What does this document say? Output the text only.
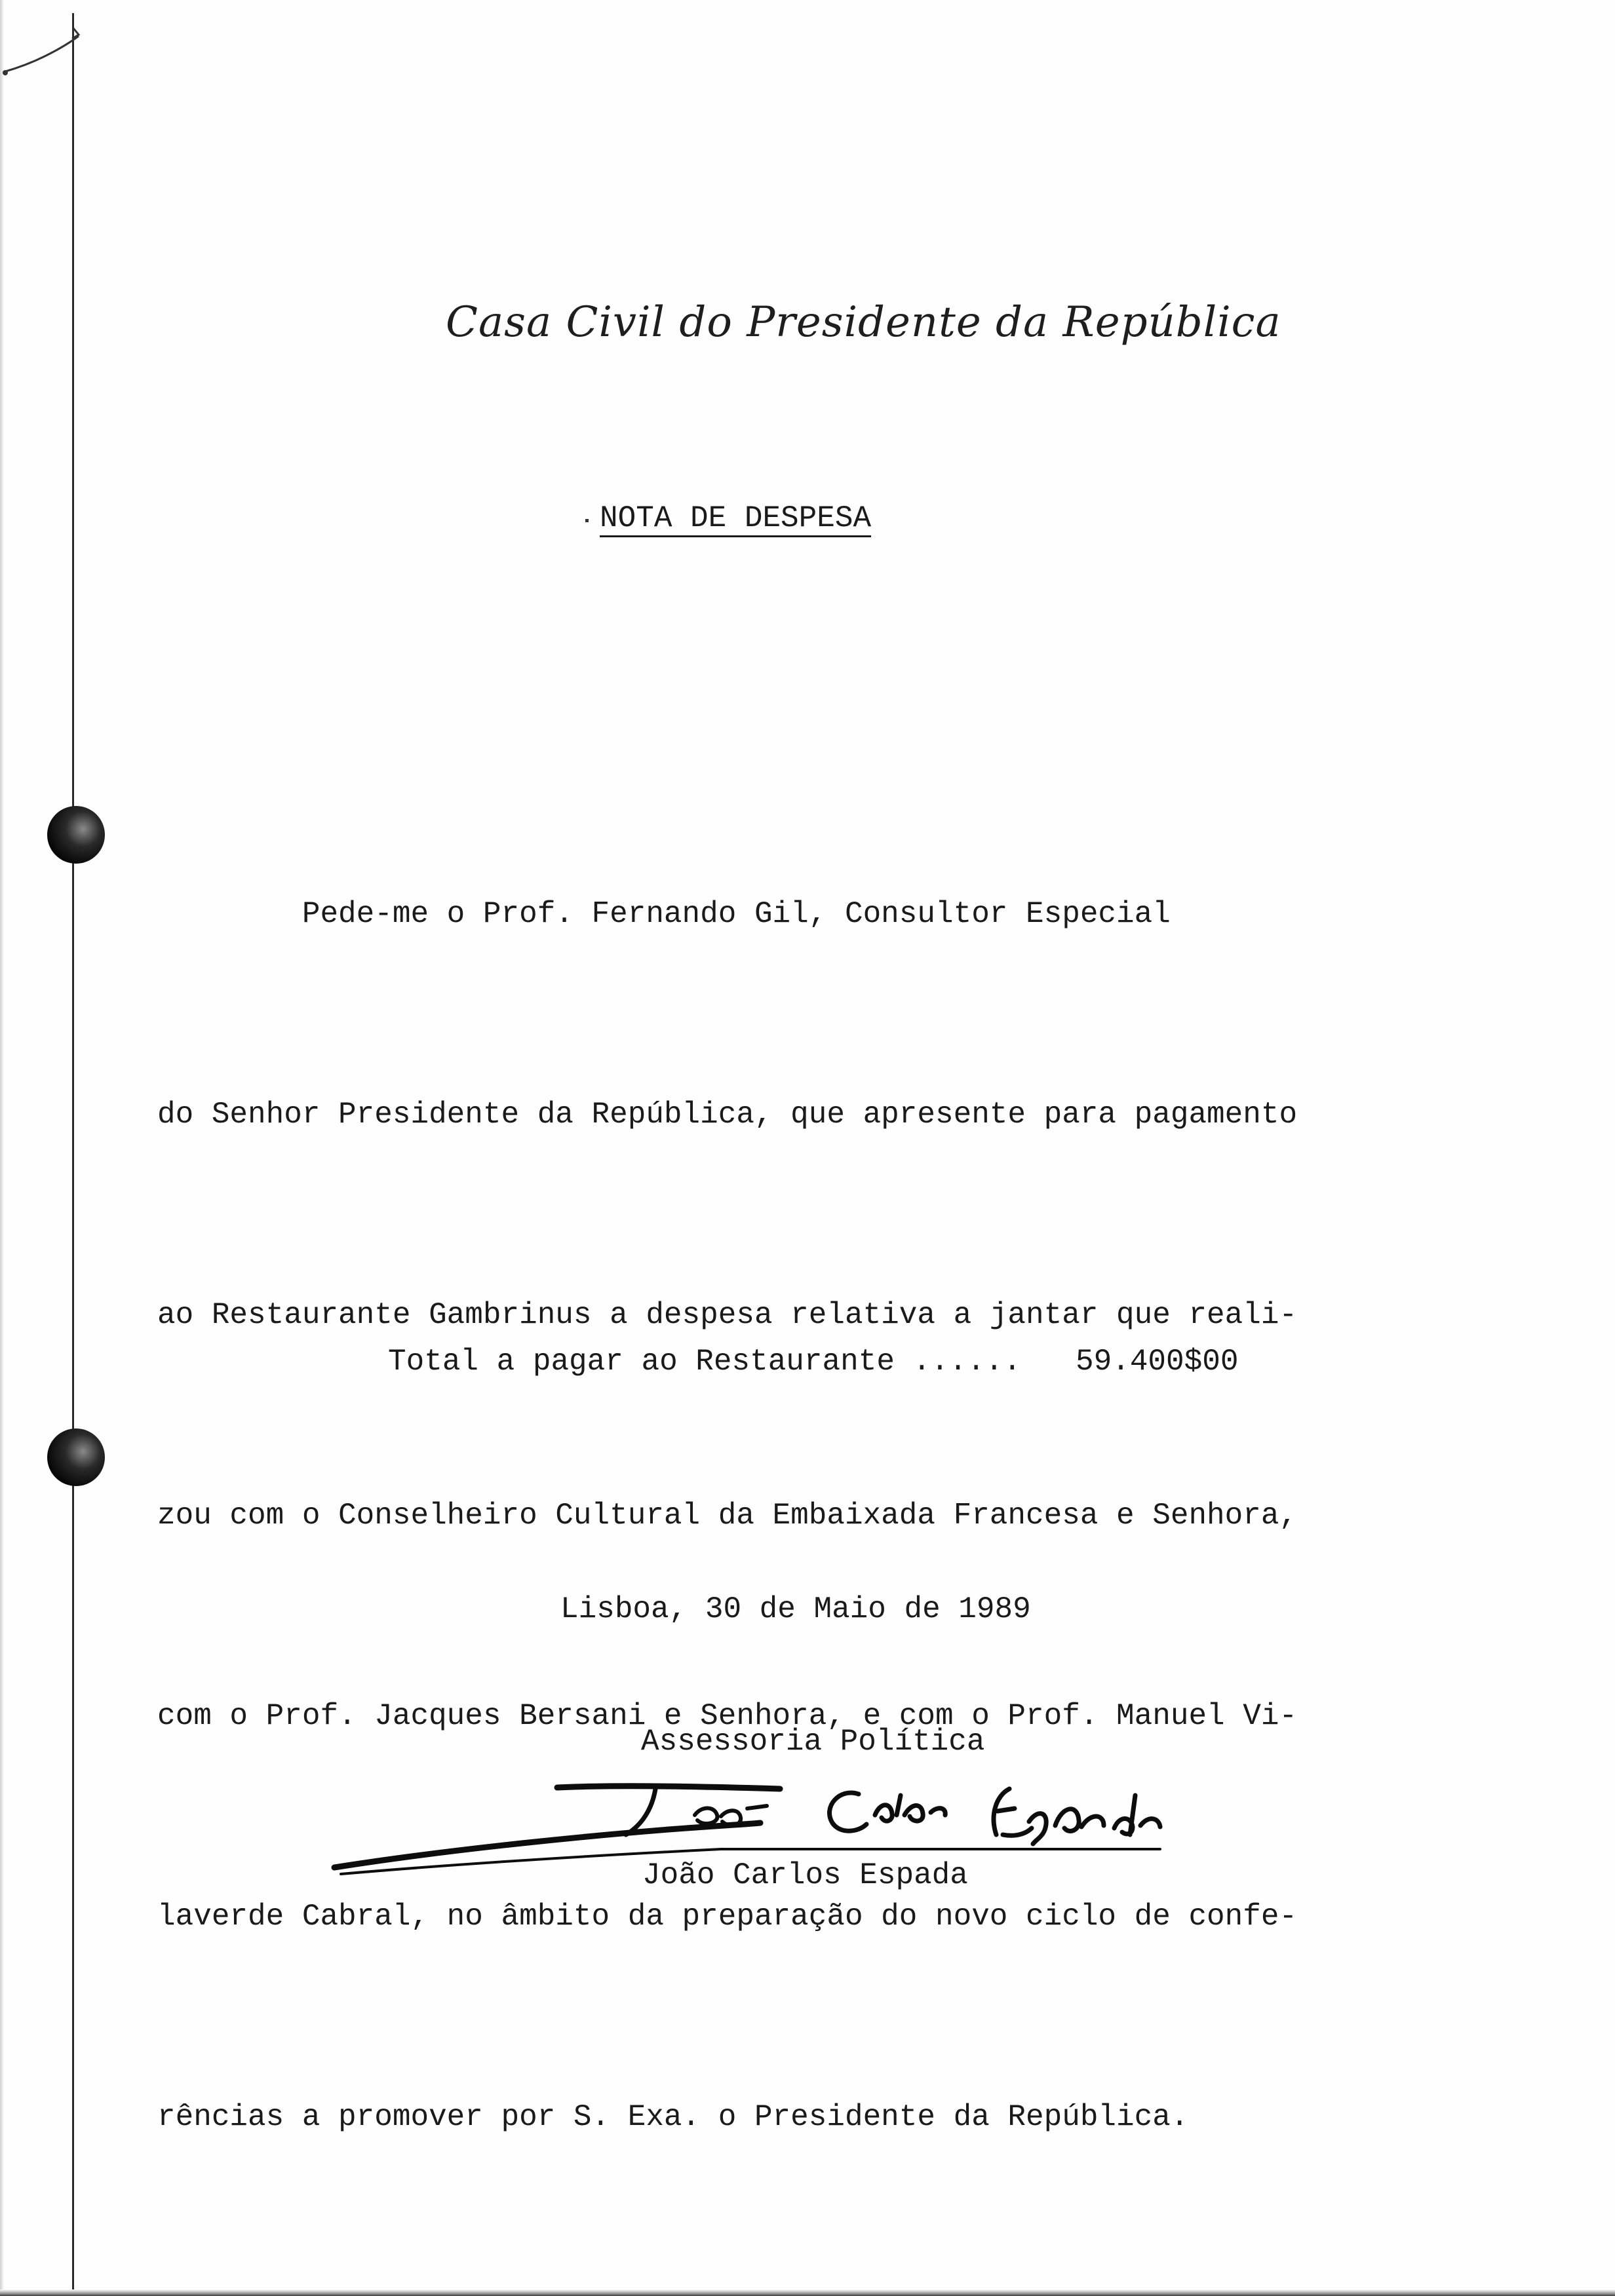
Casa Civil do Presidente da República
NOTA DE DESPESA

Pede-me o Prof. Fernando Gil, Consultor Especial

do Senhor Presidente da República, que apresente para pagamento

ao Restaurante Gambrinus a despesa relativa a jantar que reali-

zou com o Conselheiro Cultural da Embaixada Francesa e Senhora,

com o Prof. Jacques Bersani e Senhora, e com o Prof. Manuel Vi-

laverde Cabral, no âmbito da preparação do novo ciclo de confe-

rências a promover por S. Exa. o Presidente da República.

Total a pagar ao Restaurante ...... 59.400$00
Lisboa, 30 de Maio de 1989
Assessoria Política
João Carlos Espada
